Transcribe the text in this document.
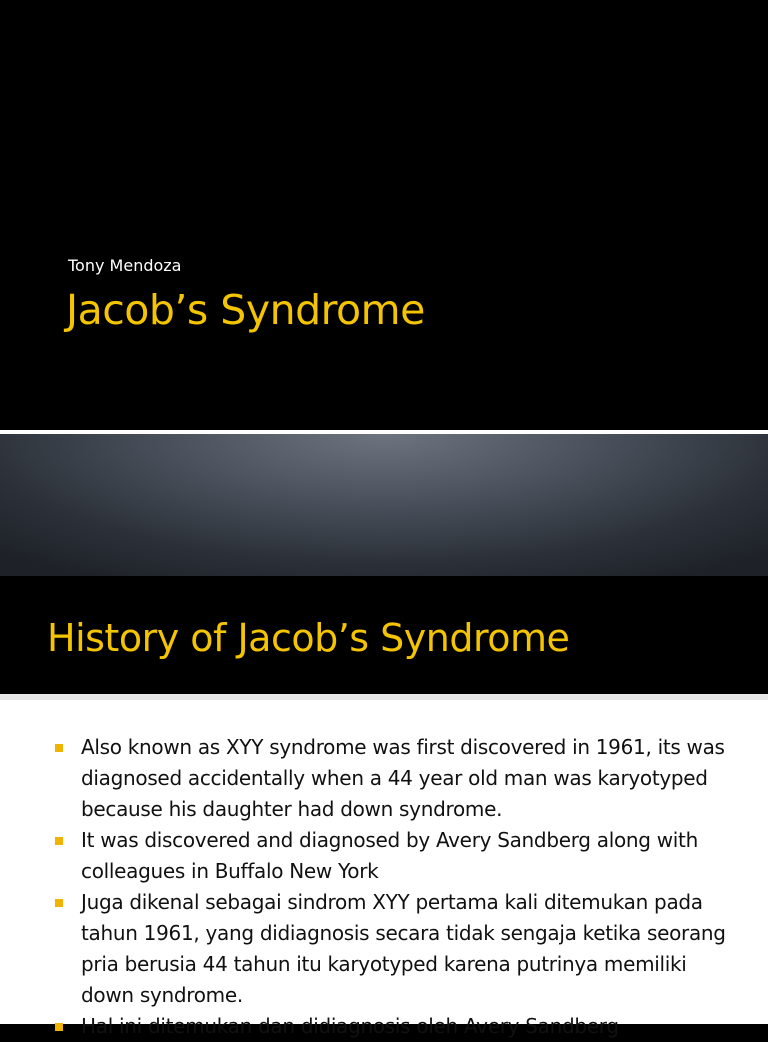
Tony Mendoza
Jacob’s Syndrome
History of Jacob’s Syndrome
Also known as XYY syndrome was first discovered in 1961, its was diagnosed accidentally when a 44 year old man was karyotyped because his daughter had down syndrome.
It was discovered and diagnosed by Avery Sandberg along with colleagues in Buffalo New York
Juga dikenal sebagai sindrom XYY pertama kali ditemukan pada tahun 1961, yang didiagnosis secara tidak sengaja ketika seorang pria berusia 44 tahun itu karyotyped karena putrinya memiliki down syndrome.
Hal ini ditemukan dan didiagnosis oleh Avery Sandberg
